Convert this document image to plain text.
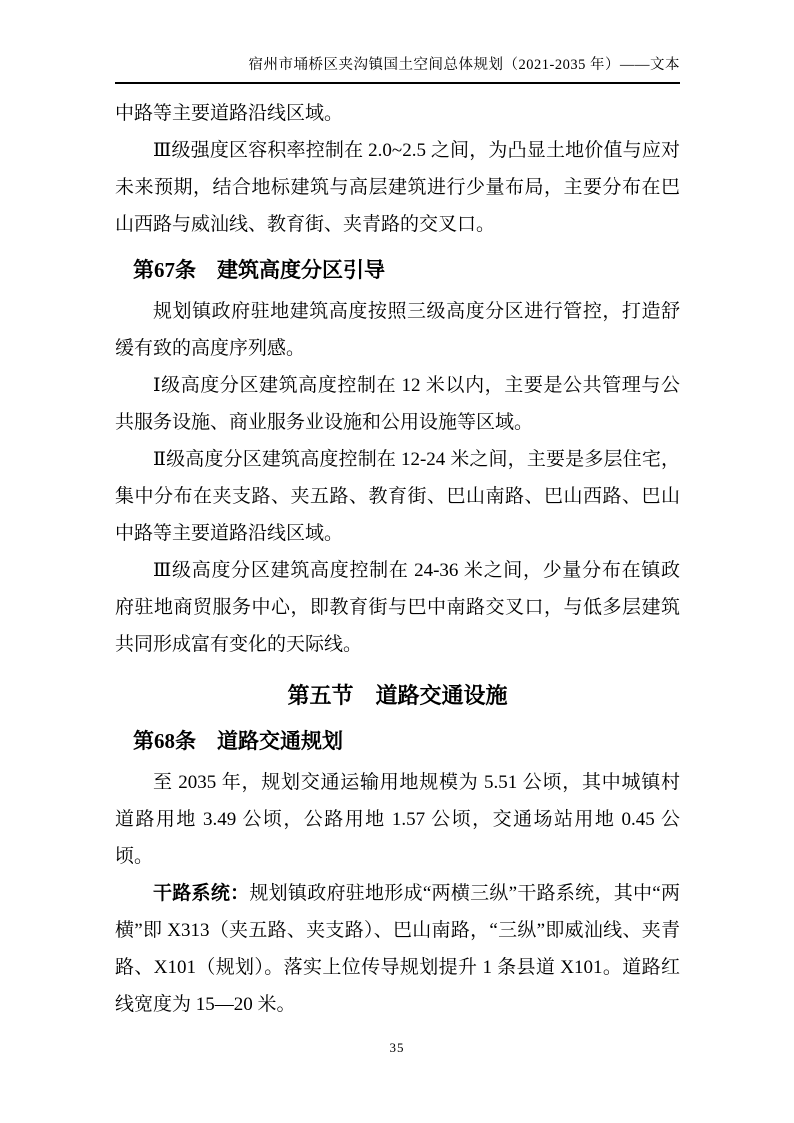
宿州市埇桥区夹沟镇国土空间总体规划（2021-2035 年）——文本

中路等主要道路沿线区域。

Ⅲ级强度区容积率控制在 2.0~2.5 之间，为凸显土地价值与应对未来预期，结合地标建筑与高层建筑进行少量布局，主要分布在巴山西路与威汕线、教育街、夹青路的交叉口。

第67条　建筑高度分区引导

规划镇政府驻地建筑高度按照三级高度分区进行管控，打造舒缓有致的高度序列感。

Ⅰ级高度分区建筑高度控制在 12 米以内，主要是公共管理与公共服务设施、商业服务业设施和公用设施等区域。

Ⅱ级高度分区建筑高度控制在 12-24 米之间，主要是多层住宅，集中分布在夹支路、夹五路、教育街、巴山南路、巴山西路、巴山中路等主要道路沿线区域。

Ⅲ级高度分区建筑高度控制在 24-36 米之间，少量分布在镇政府驻地商贸服务中心，即教育街与巴中南路交叉口，与低多层建筑共同形成富有变化的天际线。

第五节　道路交通设施
第68条　道路交通规划

至 2035 年，规划交通运输用地规模为 5.51 公顷，其中城镇村道路用地 3.49 公顷，公路用地 1.57 公顷，交通场站用地 0.45 公顷。

干路系统：规划镇政府驻地形成“两横三纵”干路系统，其中“两横”即 X313（夹五路、夹支路）、巴山南路，“三纵”即威汕线、夹青路、X101（规划）。落实上位传导规划提升 1 条县道 X101。道路红线宽度为 15—20 米。

35
